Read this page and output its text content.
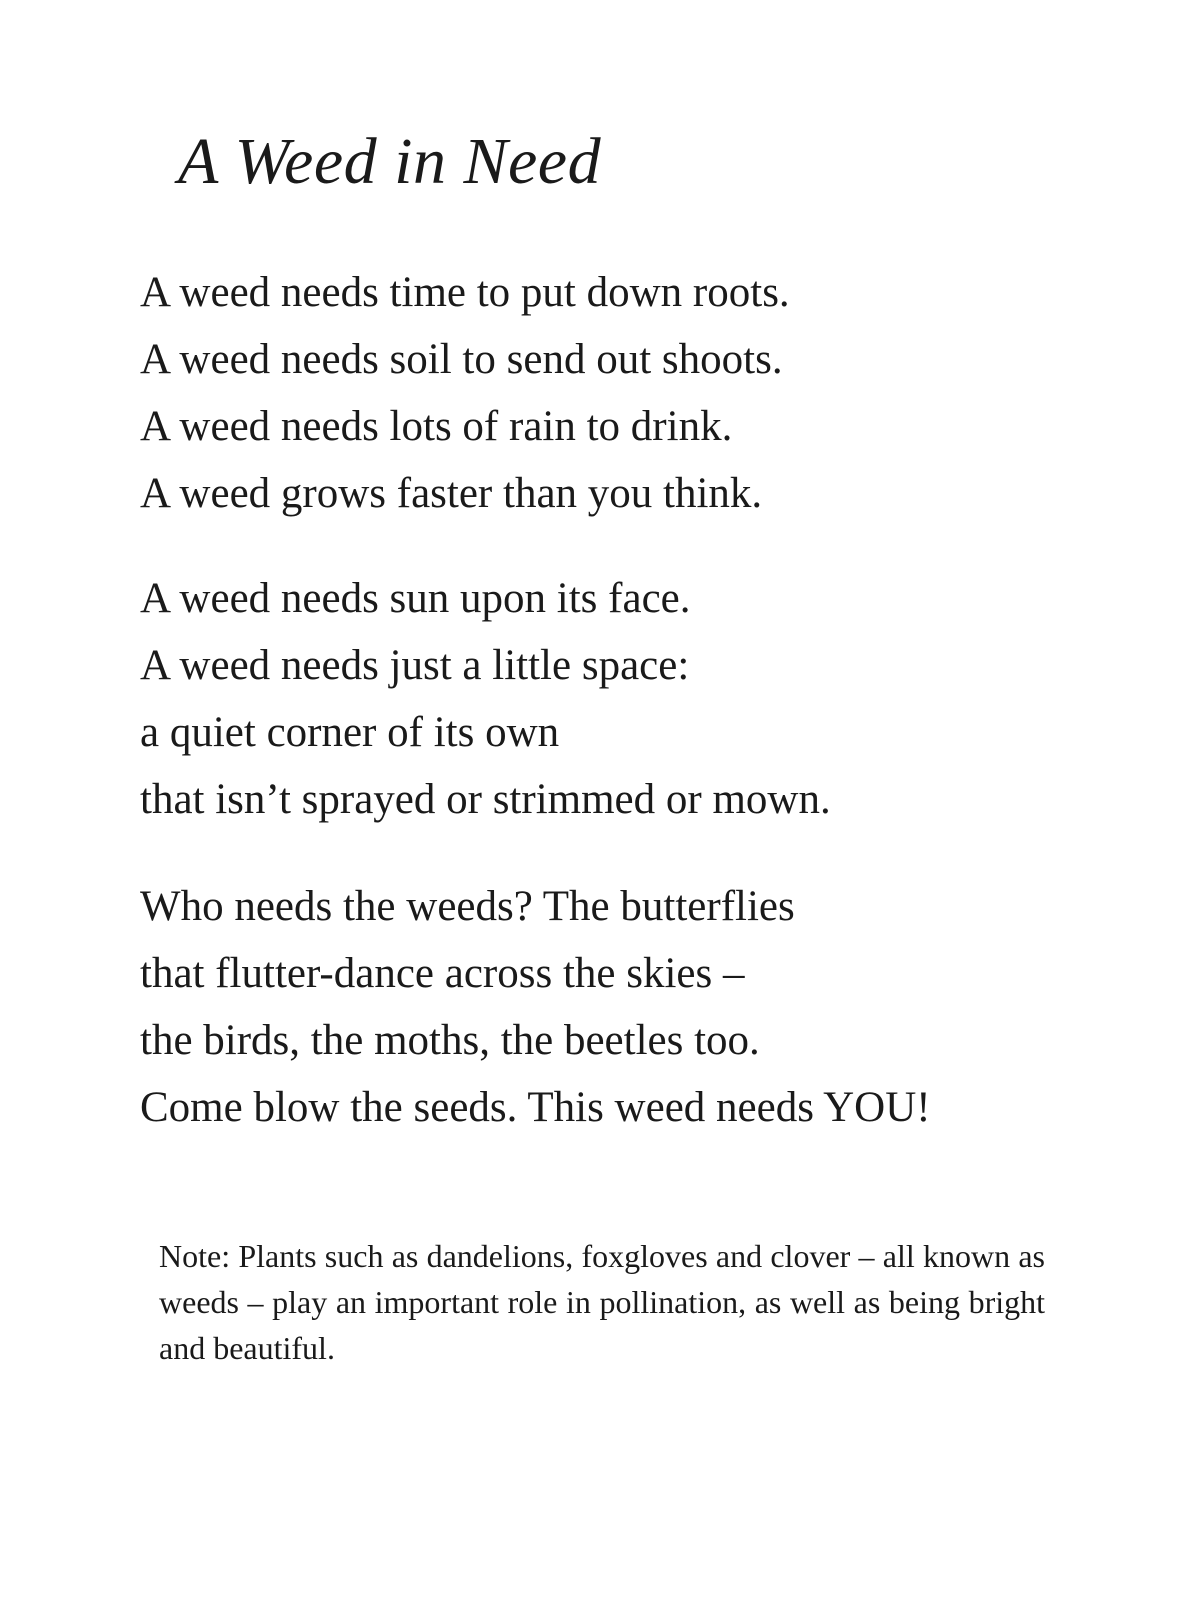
A Weed in Need
A weed needs time to put down roots.
A weed needs soil to send out shoots.
A weed needs lots of rain to drink.
A weed grows faster than you think.
A weed needs sun upon its face.
A weed needs just a little space:
a quiet corner of its own
that isn’t sprayed or strimmed or mown.
Who needs the weeds? The butterflies
that flutter-dance across the skies –
the birds, the moths, the beetles too.
Come blow the seeds. This weed needs YOU!

Note: Plants such as dandelions, foxgloves and clover – all known as weeds – play an important role in pollination, as well as being bright and beautiful.
